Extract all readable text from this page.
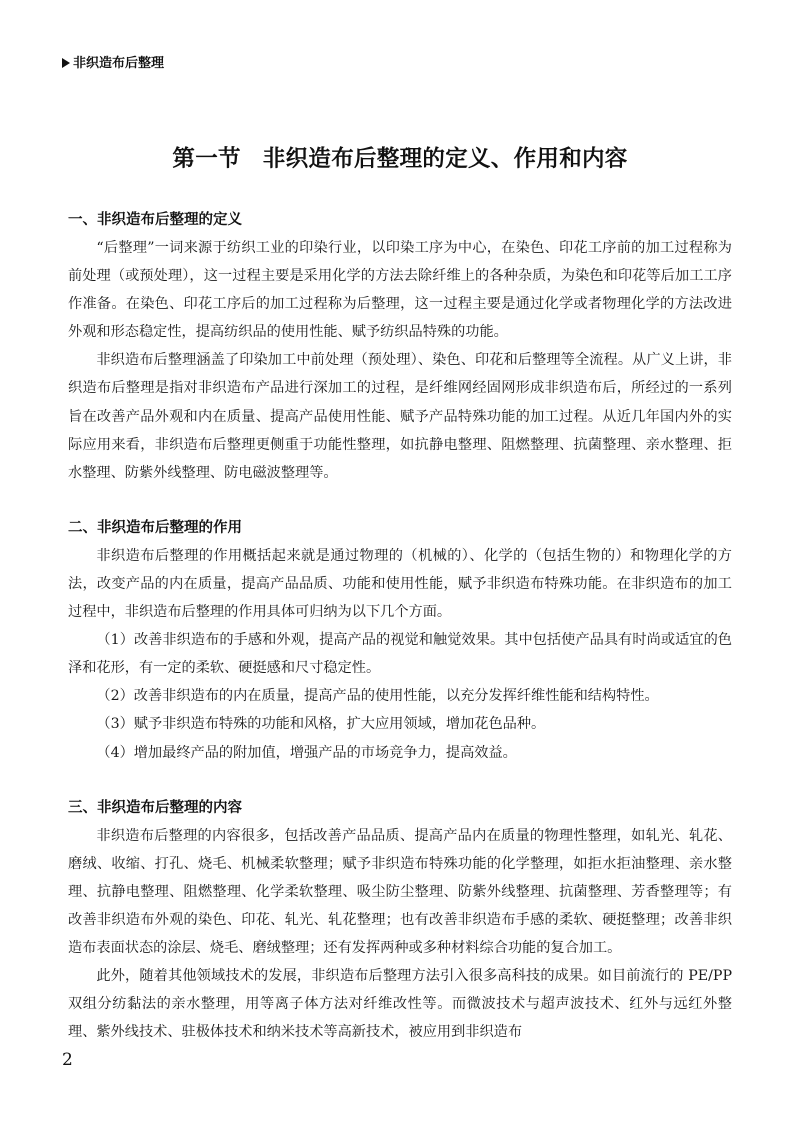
非织造布后整理
第一节 非织造布后整理的定义、作用和内容
一、非织造布后整理的定义

“后整理”一词来源于纺织工业的印染行业，以印染工序为中心，在染色、印花工序前的加工过程称为前处理（或预处理），这一过程主要是采用化学的方法去除纤维上的各种杂质，为染色和印花等后加工工序作准备。在染色、印花工序后的加工过程称为后整理，这一过程主要是通过化学或者物理化学的方法改进外观和形态稳定性，提高纺织品的使用性能、赋予纺织品特殊的功能。

非织造布后整理涵盖了印染加工中前处理（预处理）、染色、印花和后整理等全流程。从广义上讲，非织造布后整理是指对非织造布产品进行深加工的过程，是纤维网经固网形成非织造布后，所经过的一系列旨在改善产品外观和内在质量、提高产品使用性能、赋予产品特殊功能的加工过程。从近几年国内外的实际应用来看，非织造布后整理更侧重于功能性整理，如抗静电整理、阻燃整理、抗菌整理、亲水整理、拒水整理、防紫外线整理、防电磁波整理等。

二、非织造布后整理的作用

非织造布后整理的作用概括起来就是通过物理的（机械的）、化学的（包括生物的）和物理化学的方法，改变产品的内在质量，提高产品品质、功能和使用性能，赋予非织造布特殊功能。在非织造布的加工过程中，非织造布后整理的作用具体可归纳为以下几个方面。

（1）改善非织造布的手感和外观，提高产品的视觉和触觉效果。其中包括使产品具有时尚或适宜的色泽和花形，有一定的柔软、硬挺感和尺寸稳定性。

（2）改善非织造布的内在质量，提高产品的使用性能，以充分发挥纤维性能和结构特性。

（3）赋予非织造布特殊的功能和风格，扩大应用领域，增加花色品种。

（4）增加最终产品的附加值，增强产品的市场竞争力，提高效益。

三、非织造布后整理的内容

非织造布后整理的内容很多，包括改善产品品质、提高产品内在质量的物理性整理，如轧光、轧花、磨绒、收缩、打孔、烧毛、机械柔软整理；赋予非织造布特殊功能的化学整理，如拒水拒油整理、亲水整理、抗静电整理、阻燃整理、化学柔软整理、吸尘防尘整理、防紫外线整理、抗菌整理、芳香整理等；有改善非织造布外观的染色、印花、轧光、轧花整理；也有改善非织造布手感的柔软、硬挺整理；改善非织造布表面状态的涂层、烧毛、磨绒整理；还有发挥两种或多种材料综合功能的复合加工。

此外，随着其他领域技术的发展，非织造布后整理方法引入很多高科技的成果。如目前流行的 PE/PP 双组分纺黏法的亲水整理，用等离子体方法对纤维改性等。而微波技术与超声波技术、红外与远红外整理、紫外线技术、驻极体技术和纳米技术等高新技术，被应用到非织造布

2
